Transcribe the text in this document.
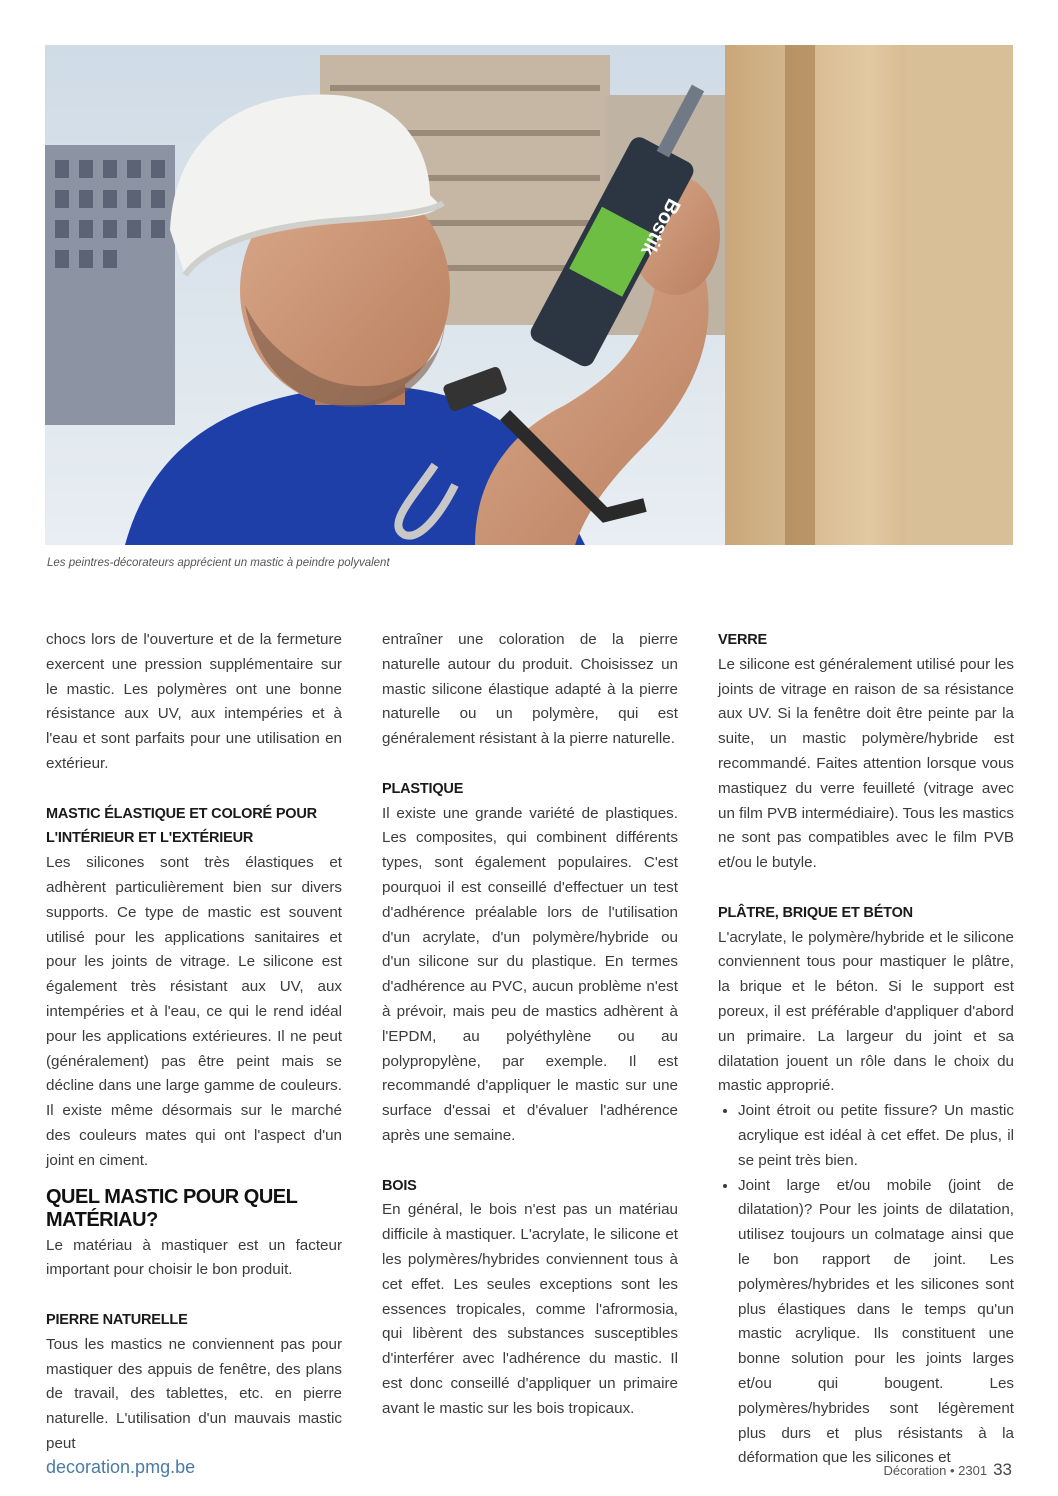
Bostik
Les peintres-décorateurs apprécient un mastic à peindre polyvalent

chocs lors de l'ouverture et de la fermeture exercent une pression supplémentaire sur le mastic. Les polymères ont une bonne résistance aux UV, aux intempéries et à l'eau et sont parfaits pour une utilisation en extérieur.

MASTIC ÉLASTIQUE ET COLORÉ POUR L'INTÉRIEUR ET L'EXTÉRIEUR

Les silicones sont très élastiques et adhèrent particulièrement bien sur divers supports. Ce type de mastic est souvent utilisé pour les applications sanitaires et pour les joints de vitrage. Le silicone est également très résistant aux UV, aux intempéries et à l'eau, ce qui le rend idéal pour les applications extérieures. Il ne peut (généralement) pas être peint mais se décline dans une large gamme de couleurs. Il existe même désormais sur le marché des couleurs mates qui ont l'aspect d'un joint en ciment.

QUEL MASTIC POUR QUEL MATÉRIAU?

Le matériau à mastiquer est un facteur important pour choisir le bon produit.

PIERRE NATURELLE

Tous les mastics ne conviennent pas pour mastiquer des appuis de fenêtre, des plans de travail, des tablettes, etc. en pierre naturelle. L'utilisation d'un mauvais mastic peut

entraîner une coloration de la pierre naturelle autour du produit. Choisissez un mastic silicone élastique adapté à la pierre naturelle ou un polymère, qui est généralement résistant à la pierre naturelle.

PLASTIQUE

Il existe une grande variété de plastiques. Les composites, qui combinent différents types, sont également populaires. C'est pourquoi il est conseillé d'effectuer un test d'adhérence préalable lors de l'utilisation d'un acrylate, d'un polymère/hybride ou d'un silicone sur du plastique. En termes d'adhérence au PVC, aucun problème n'est à prévoir, mais peu de mastics adhèrent à l'EPDM, au polyéthylène ou au polypropylène, par exemple. Il est recommandé d'appliquer le mastic sur une surface d'essai et d'évaluer l'adhérence après une semaine.

BOIS

En général, le bois n'est pas un matériau difficile à mastiquer. L'acrylate, le silicone et les polymères/hybrides conviennent tous à cet effet. Les seules exceptions sont les essences tropicales, comme l'afrormosia, qui libèrent des substances susceptibles d'interférer avec l'adhérence du mastic. Il est donc conseillé d'appliquer un primaire avant le mastic sur les bois tropicaux.

VERRE

Le silicone est généralement utilisé pour les joints de vitrage en raison de sa résistance aux UV. Si la fenêtre doit être peinte par la suite, un mastic polymère/hybride est recommandé. Faites attention lorsque vous mastiquez du verre feuilleté (vitrage avec un film PVB intermédiaire). Tous les mastics ne sont pas compatibles avec le film PVB et/ou le butyle.

PLÂTRE, BRIQUE ET BÉTON

L'acrylate, le polymère/hybride et le silicone conviennent tous pour mastiquer le plâtre, la brique et le béton. Si le support est poreux, il est préférable d'appliquer d'abord un primaire. La largeur du joint et sa dilatation jouent un rôle dans le choix du mastic approprié.

• Joint étroit ou petite fissure? Un mastic acrylique est idéal à cet effet. De plus, il se peint très bien.
• Joint large et/ou mobile (joint de dilatation)? Pour les joints de dilatation, utilisez toujours un colmatage ainsi que le bon rapport de joint. Les polymères/hybrides et les silicones sont plus élastiques dans le temps qu'un mastic acrylique. Ils constituent une bonne solution pour les joints larges et/ou qui bougent. Les polymères/hybrides sont légèrement plus durs et plus résistants à la déformation que les silicones et
decoration.pmg.be	Décoration • 2301 33
